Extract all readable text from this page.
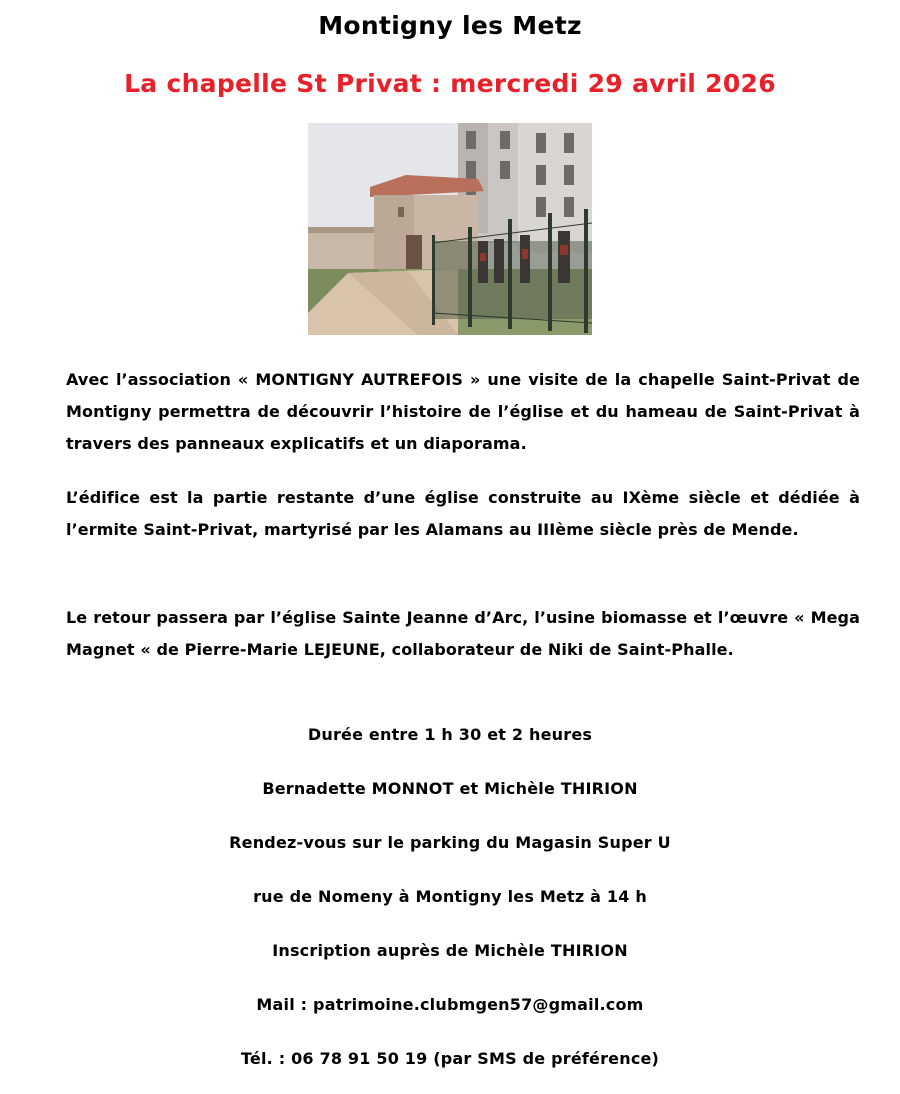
Montigny les Metz
La chapelle St Privat : mercredi 29 avril 2026

Avec l’association « MONTIGNY AUTREFOIS » une visite de la chapelle Saint-Privat de Montigny permettra de découvrir l’histoire de l’église et du hameau de Saint-Privat à travers des panneaux explicatifs et un diaporama.

L’édifice est la partie restante d’une église construite au IXème siècle et dédiée à l’ermite Saint-Privat, martyrisé par les Alamans au IIIème siècle près de Mende.

Le retour passera par l’église Sainte Jeanne d’Arc, l’usine biomasse et l’œuvre « Mega Magnet « de Pierre-Marie LEJEUNE, collaborateur de Niki de Saint-Phalle.

Durée entre 1 h 30 et 2 heures
Bernadette MONNOT et Michèle THIRION
Rendez-vous sur le parking du Magasin Super U
rue de Nomeny à Montigny les Metz à 14 h
Inscription auprès de Michèle THIRION
Mail : patrimoine.clubmgen57@gmail.com
Tél. : 06 78 91 50 19 (par SMS de préférence)
